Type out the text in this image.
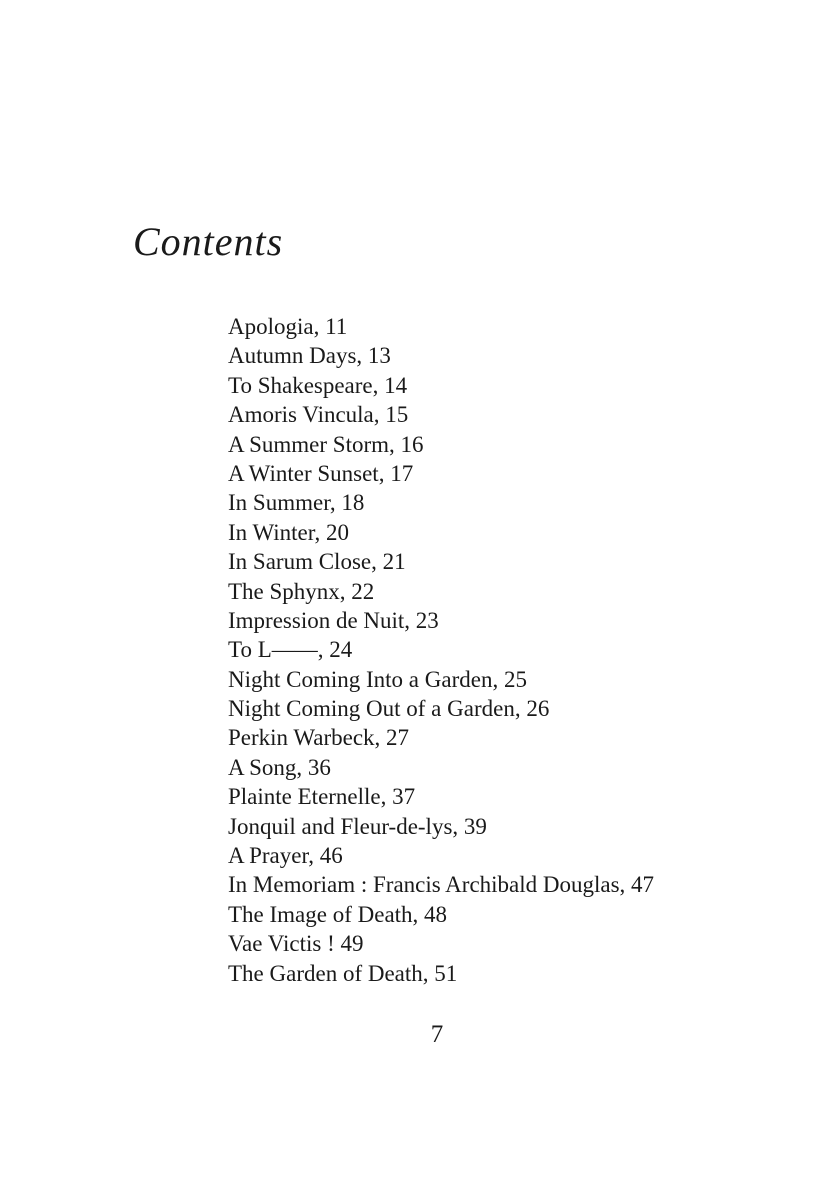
Contents
Apologia, 11
Autumn Days, 13
To Shakespeare, 14
Amoris Vincula, 15
A Summer Storm, 16
A Winter Sunset, 17
In Summer, 18
In Winter, 20
In Sarum Close, 21
The Sphynx, 22
Impression de Nuit, 23
To L——, 24
Night Coming Into a Garden, 25
Night Coming Out of a Garden, 26
Perkin Warbeck, 27
A Song, 36
Plainte Eternelle, 37
Jonquil and Fleur-de-lys, 39
A Prayer, 46
In Memoriam : Francis Archibald Douglas, 47
The Image of Death, 48
Vae Victis ! 49
The Garden of Death, 51
7
